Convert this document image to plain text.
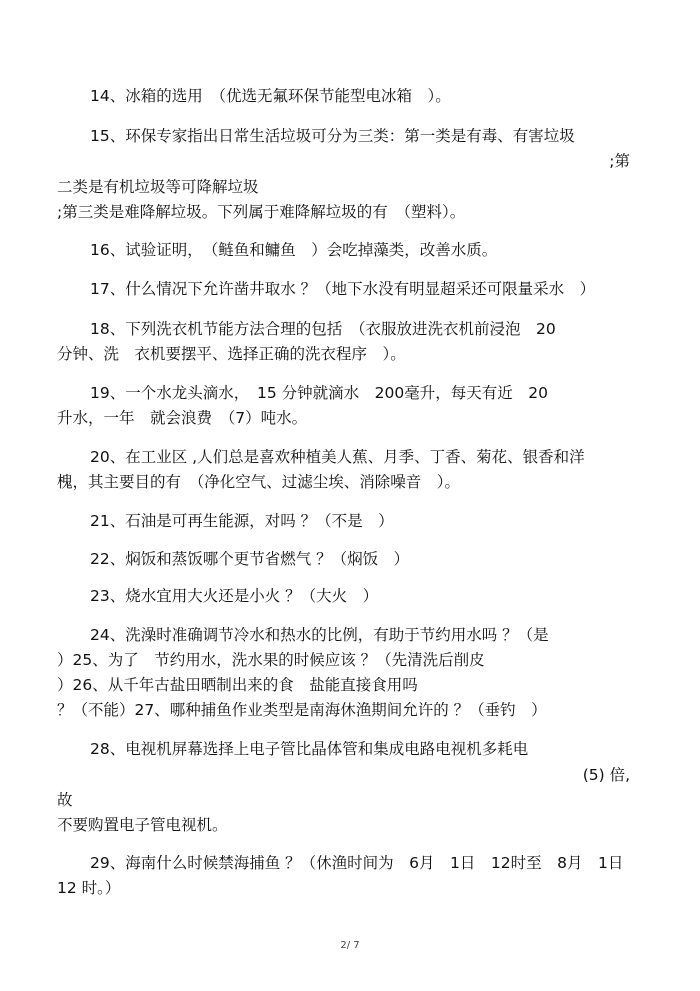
14、冰箱的选用　（优选无氟环保节能型电冰箱　）。
15、环保专家指出日常生活垃圾可分为三类：第一类是有毒、有害垃圾
;第
二类是有机垃圾等可降解垃圾
;第三类是难降解垃圾。下列属于难降解垃圾的有　（塑料）。
16、试验证明，　（鲢鱼和鳙鱼　）会吃掉藻类，改善水质。
17、什么情况下允许凿井取水 ？（地下水没有明显超采还可限量采水　）
18、下列洗衣机节能方法合理的包括　（衣服放进洗衣机前浸泡　20
分钟、洗　衣机要摆平、选择正确的洗衣程序　）。
19、一个水龙头滴水，　15 分钟就滴水　200毫升，每天有近　20
升水，一年　就会浪费　（7）吨水。
20、在工业区 ,人们总是喜欢种植美人蕉、月季、丁香、菊花、银香和洋
槐，其主要目的有　（净化空气、过滤尘埃、消除噪音　）。
21、石油是可再生能源，对吗 ？（不是　）
22、焖饭和蒸饭哪个更节省燃气 ？（焖饭　）
23、烧水宜用大火还是小火 ？（大火　）
24、洗澡时准确调节冷水和热水的比例，有助于节约用水吗 ？（是
）25、为了　节约用水，洗水果的时候应该 ？（先清洗后削皮
）26、从千年古盐田晒制出来的食　盐能直接食用吗
？（不能）27、哪种捕鱼作业类型是南海休渔期间允许的 ？（垂钓　）
28、电视机屏幕选择上电子管比晶体管和集成电路电视机多耗电
(5) 倍,
故
不要购置电子管电视机。
29、海南什么时候禁海捕鱼 ？（休渔时间为　6月　1日　12时至　8月　1日
12 时。）
2/ 7
